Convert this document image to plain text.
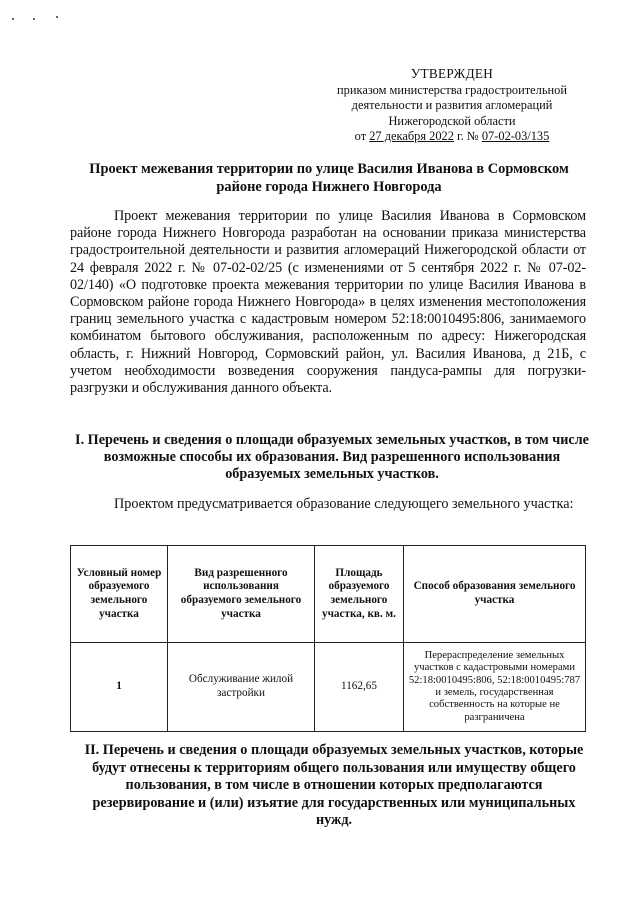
УТВЕРЖДЕН
приказом министерства градостроительной
деятельности и развития агломераций
Нижегородской области
от 27 декабря 2022 г. № 07-02-03/135
Проект межевания территории по улице Василия Иванова в Сормовском районе города Нижнего Новгорода
Проект межевания территории по улице Василия Иванова в Сормовском районе города Нижнего Новгорода разработан на основании приказа министерства градостроительной деятельности и развития агломераций Нижегородской области от 24 февраля 2022 г. № 07-02-02/25 (с изменениями от 5 сентября 2022 г. № 07-02-02/140) «О подготовке проекта межевания территории по улице Василия Иванова в Сормовском районе города Нижнего Новгорода» в целях изменения местоположения границ земельного участка с кадастровым номером 52:18:0010495:806, занимаемого комбинатом бытового обслуживания, расположенным по адресу: Нижегородская область, г. Нижний Новгород, Сормовский район, ул. Василия Иванова, д 21Б, с учетом необходимости возведения сооружения пандуса-рампы для погрузки-разгрузки и обслуживания данного объекта.
I. Перечень и сведения о площади образуемых земельных участков, в том числе возможные способы их образования. Вид разрешенного использования образуемых земельных участков.
Проектом предусматривается образование следующего земельного участка:
Условный номер образуемого земельного участка	Вид разрешенного использования образуемого земельного участка	Площадь образуемого земельного участка, кв. м.	Способ образования земельного участка
1	Обслуживание жилой застройки	1162,65	Перераспределение земельных участков с кадастровыми номерами 52:18:0010495:806, 52:18:0010495:787 и земель, государственная собственность на которые не разграничена
II. Перечень и сведения о площади образуемых земельных участков, которые будут отнесены к территориям общего пользования или имуществу общего пользования, в том числе в отношении которых предполагаются резервирование и (или) изъятие для государственных или муниципальных нужд.
